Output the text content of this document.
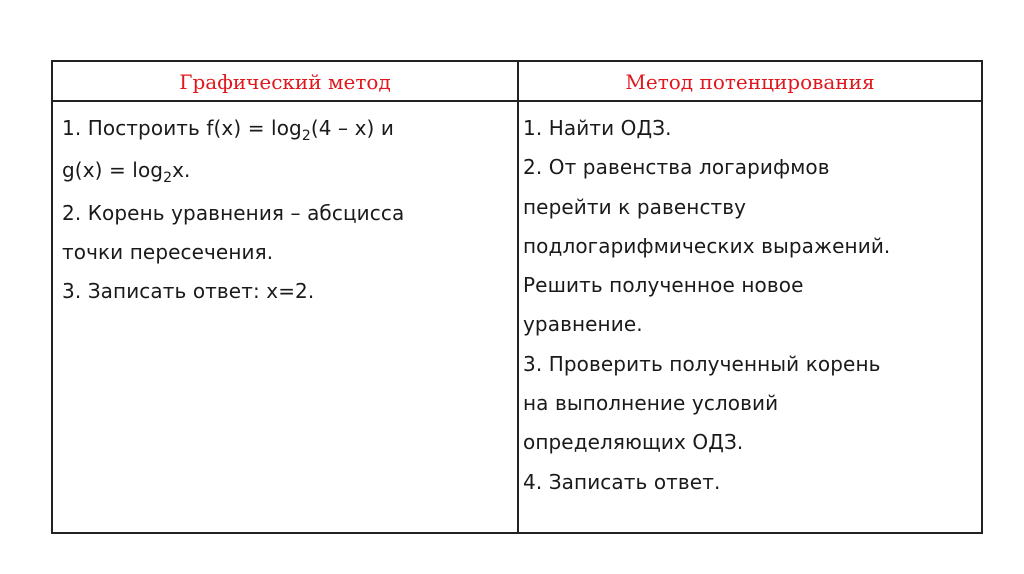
Графический метод	Метод потенцирования
1. Построить $f(x) = \log_2(4 - x)$ и
$g(x) = \log_2x$.
2. Корень уравнения – абсцисса
точки пересечения.
3. Записать ответ: x=2.
1. Найти ОДЗ.
2. От равенства логарифмов
перейти к равенству
подлогарифмических выражений.
Решить полученное новое
уравнение.
3. Проверить полученный корень
на выполнение условий
определяющих ОДЗ.
4. Записать ответ.
